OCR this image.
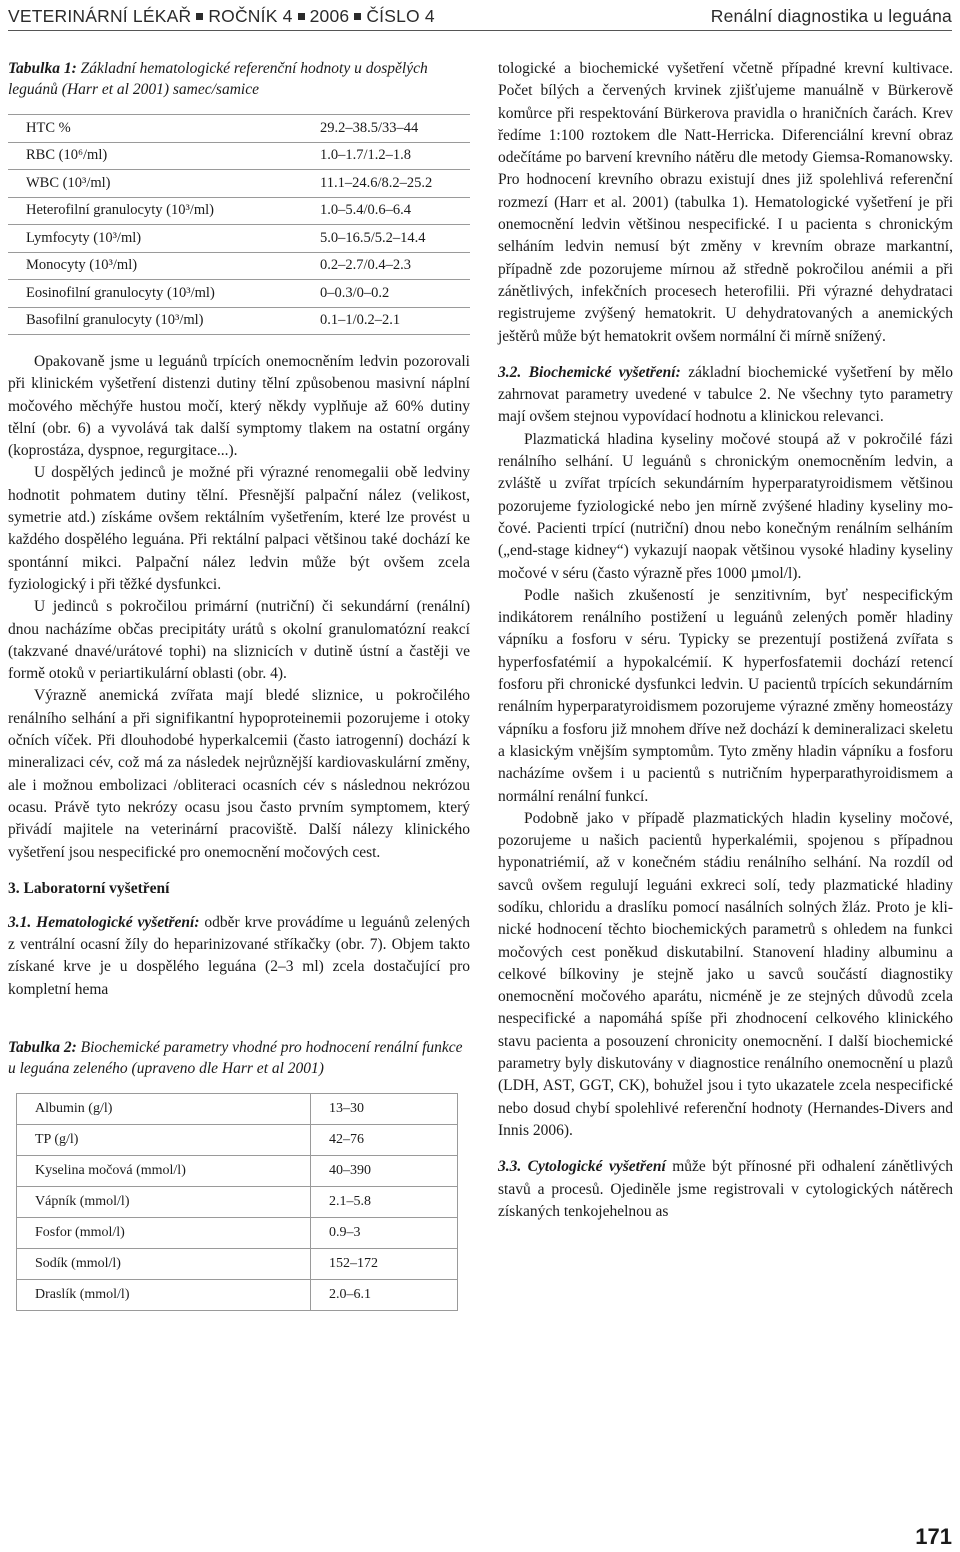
VETERINÁRNÍ LÉKAŘ ROČNÍK 4 2006 ČÍSLO 4	Renální diagnostika u leguána
Tabulka 1: Základní hematologické referenční hodnoty u dospělých leguánů (Harr et al 2001) samec/samice
HTC %	29.2–38.5/33–44
RBC (10⁶/ml)	1.0–1.7/1.2–1.8
WBC (10³/ml)	11.1–24.6/8.2–25.2
Heterofilní granulocyty (10³/ml)	1.0–5.4/0.6–6.4
Lymfocyty (10³/ml)	5.0–16.5/5.2–14.4
Monocyty (10³/ml)	0.2–2.7/0.4–2.3
Eosinofilní granulocyty (10³/ml)	0–0.3/0–0.2
Basofilní granulocyty (10³/ml)	0.1–1/0.2–2.1

Opakovaně jsme u leguánů trpících onemocněním ledvin pozorovali při klinickém vyšetření distenzi dutiny tělní způsobenou masivní náplní močového měchýře hustou močí, který někdy vyplňuje až 60% dutiny tělní (obr. 6) a vyvolává tak další symptomy tlakem na ostatní orgány (koprostáza, dyspnoe, regurgitace...).

U dospělých jedinců je možné při výrazné renomegalii obě ledviny hodnotit pohmatem dutiny tělní. Přesnější palpační nález (velikost, symetrie atd.) získáme ovšem rektálním vyšetřením, které lze provést u každého dospělého leguána. Při rektální palpaci většinou také dochází ke spontánní mikci. Palpační nález ledvin může být ovšem zcela fyziologický i při těžké dysfunkci.

U jedinců s pokročilou primární (nutriční) či sekundární (renální) dnou nacházíme občas precipitáty urátů s okolní granulomatózní reakcí (takzvané dnavé/urátové tophi) na sliznicích v dutině ústní a častěji ve formě otoků v periartikulární oblasti (obr. 4).

Výrazně anemická zvířata mají bledé sliznice, u pokročilého renálního selhání a při signifikantní hypoproteinemii pozorujeme i otoky očních víček. Při dlouhodobé hyperkalcemii (často iatrogenní) dochází k mineralizaci cév, což má za následek nejrůznější kardiovaskulární změny, ale i možnou embolizaci /obliteraci ocasních cév s následnou nekrózou ocasu. Právě tyto nekrózy ocasu jsou často prvním symptomem, který přivádí majitele na veterinární pracoviště. Další nálezy klinického vyšetření jsou nespecifické pro onemocnění močových cest.

3. Laboratorní vyšetření

3.1. Hematologické vyšetření: odběr krve provádíme u leguánů zelených z ventrální ocasní žíly do heparinizované stříkačky (obr. 7). Objem takto získané krve je u dospělého leguána (2–3 ml) zcela dostačující pro kompletní hema

Tabulka 2: Biochemické parametry vhodné pro hodnocení renální funkce u leguána zeleného (upraveno dle Harr et al 2001)
Albumin (g/l)	13–30
TP (g/l)	42–76
Kyselina močová (mmol/l)	40–390
Vápník (mmol/l)	2.1–5.8
Fosfor (mmol/l)	0.9–3
Sodík (mmol/l)	152–172
Draslík (mmol/l)	2.0–6.1

tologické a biochemické vyšetření včetně případné krevní kultivace. Počet bílých a červených krvinek zjišťujeme manuálně v Bürkerově komůrce při respektování Bürkerova pravidla o hraničních čarách. Krev ředíme 1:100 roztokem dle Natt-Herricka. Diferenciální krevní obraz odečítáme po barvení krevního nátěru dle metody Giemsa-Romanowsky. Pro hodnocení krevního obrazu existují dnes již spolehlivá referenční rozmezí (Harr et al. 2001) (tabulka 1). Hematologické vyšetření je při onemocnění ledvin většinou nespecifické. I u pacienta s chronickým selháním ledvin nemusí být změny v krevním obraze markantní, případně zde pozorujeme mírnou až středně pokročilou anémii a při zánětlivých, infekčních procesech heterofilii. Při výrazné dehydrataci registrujeme zvýšený hematokrit. U dehydratovaných a anemických ještěrů může být hematokrit ovšem normální či mírně snížený.

3.2. Biochemické vyšetření: základní biochemické vyšetření by mělo zahrnovat parametry uvedené v tabulce 2. Ne všechny tyto parametry mají ovšem stejnou vypovídací hodnotu a klinickou relevanci.

Plazmatická hladina kyseliny močové stoupá až v pokročilé fázi renálního selhání. U leguánů s chronickým onemocněním ledvin, a zvláště u zvířat trpících sekundárním hyperparatyroidismem většinou pozorujeme fyziologické nebo jen mírně zvýšené hladiny kyseliny močové. Pacienti trpící (nutriční) dnou nebo konečným renálním selháním („end-stage kidney“) vykazují naopak většinou vysoké hladiny kyseliny močové v séru (často výrazně přes 1000 µmol/l).

Podle našich zkušeností je senzitivním, byť nespecifickým indikátorem renálního postižení u leguánů zelených poměr hladiny vápníku a fosforu v séru. Typicky se prezentují postižená zvířata s hyperfosfatémií a hypokalcémií. K hyperfosfatemii dochází retencí fosforu při chronické dysfunkci ledvin. U pacientů trpících sekundárním renálním hyperparatyroidismem pozorujeme výrazné změny homeostázy vápníku a fosforu již mnohem dříve než dochází k demineralizaci skeletu a klasickým vnějším symptomům. Tyto změny hladin vápníku a fosforu nacházíme ovšem i u pacientů s nutričním hyperparathyroidismem a normální renální funkcí.

Podobně jako v případě plazmatických hladin kyseliny močové, pozorujeme u našich pacientů hyperkalémii, spojenou s případnou hyponatriémií, až v konečném stádiu renálního selhání. Na rozdíl od savců ovšem regulují leguáni exkreci solí, tedy plazmatické hladiny sodíku, chloridu a draslíku pomocí nasálních solných žláz. Proto je klinické hodnocení těchto biochemických parametrů s ohledem na funkci močových cest poněkud diskutabilní. Stanovení hladiny albuminu a celkové bílkoviny je stejně jako u savců součástí diagnostiky onemocnění močového aparátu, nicméně je ze stejných důvodů zcela nespecifické a napomáhá spíše při zhodnocení celkového klinického stavu pacienta a posouzení chronicity onemocnění. I další biochemické parametry byly diskutovány v diagnostice renálního onemocnění u plazů (LDH, AST, GGT, CK), bohužel jsou i tyto ukazatele zcela nespecifické nebo dosud chybí spolehlivé referenční hodnoty (Hernandes-Divers and Innis 2006).

3.3. Cytologické vyšetření může být přínosné při odhalení zánětlivých stavů a procesů. Ojediněle jsme registrovali v cytologických nátěrech získaných tenkojehelnou as

171
